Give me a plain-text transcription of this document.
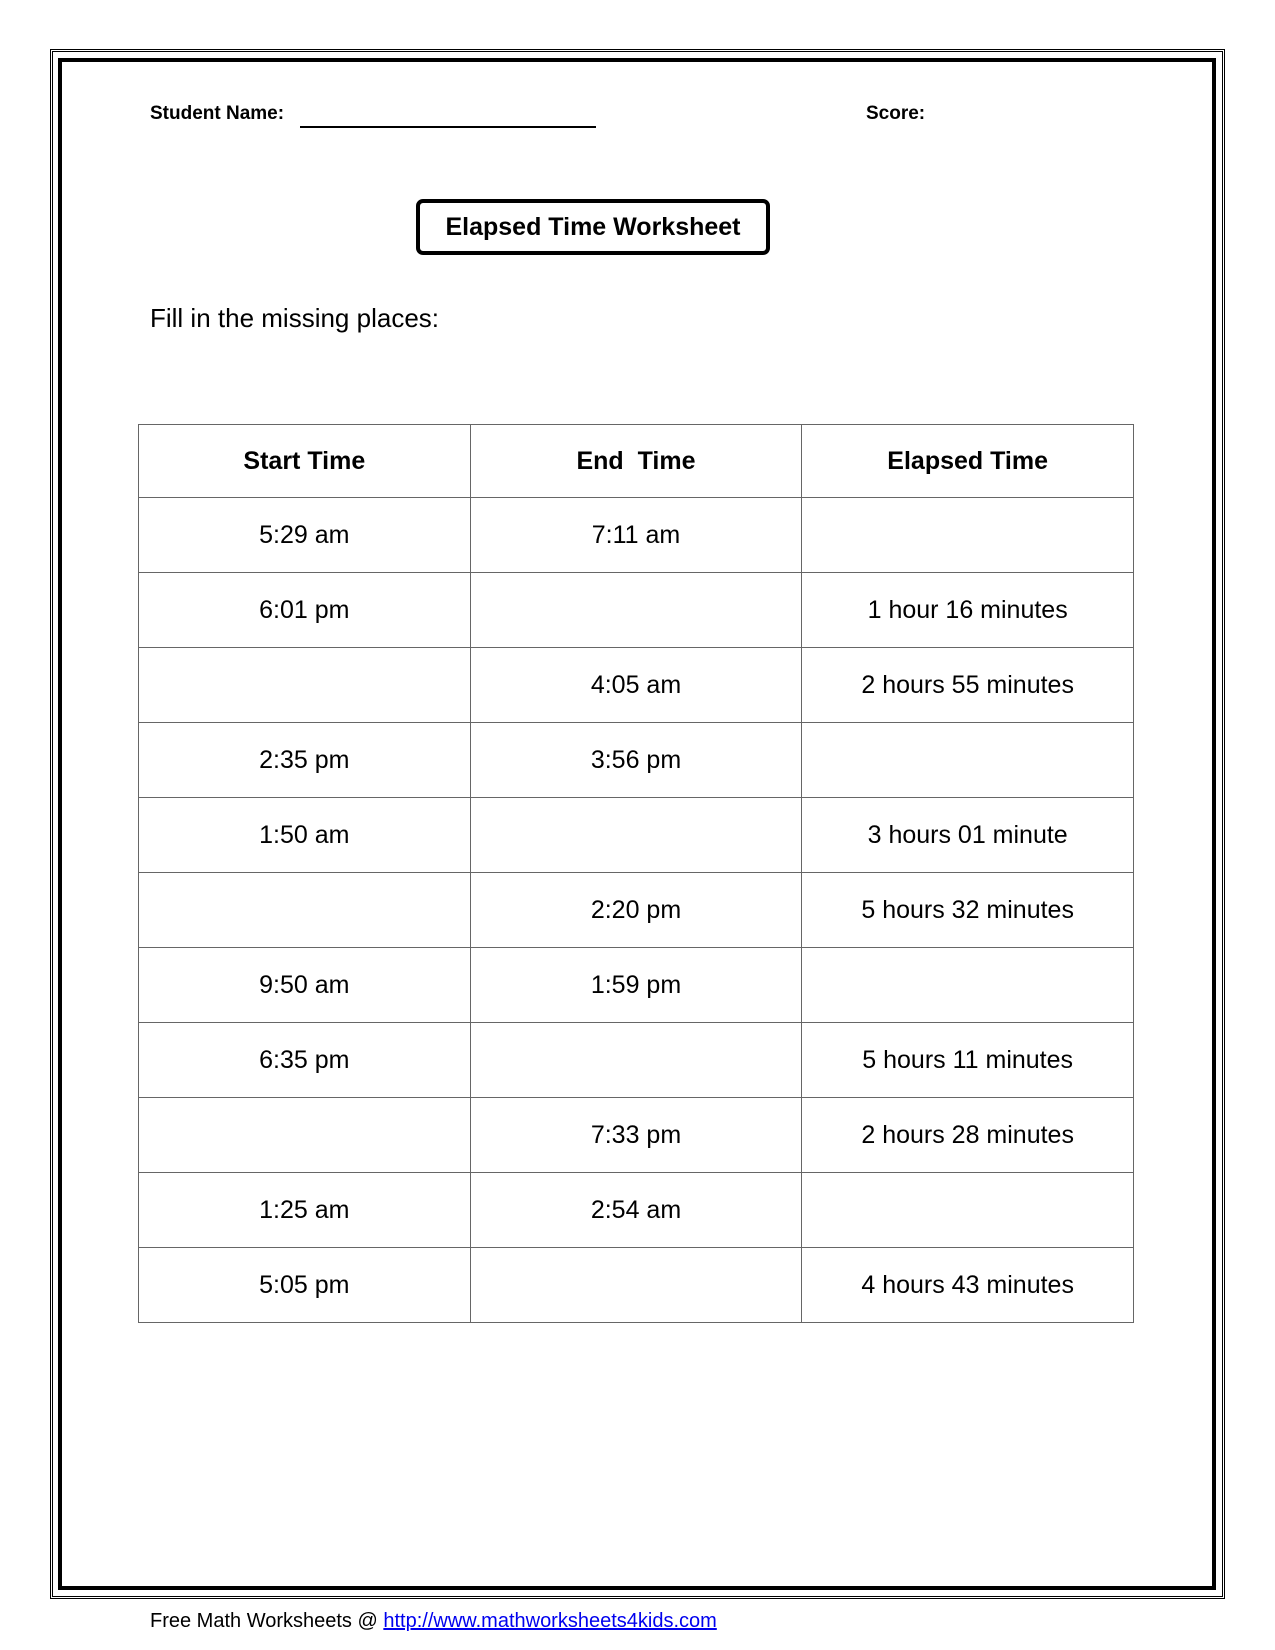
Student Name:	Score:
Elapsed Time Worksheet
Fill in the missing places:
Start Time	End  Time	Elapsed Time
5:29 am	7:11 am	
6:01 pm		1 hour 16 minutes
	4:05 am	2 hours 55 minutes
2:35 pm	3:56 pm	
1:50 am		3 hours 01 minute
	2:20 pm	5 hours 32 minutes
9:50 am	1:59 pm	
6:35 pm		5 hours 11 minutes
	7:33 pm	2 hours 28 minutes
1:25 am	2:54 am	
5:05 pm		4 hours 43 minutes
Free Math Worksheets @ http://www.mathworksheets4kids.com
